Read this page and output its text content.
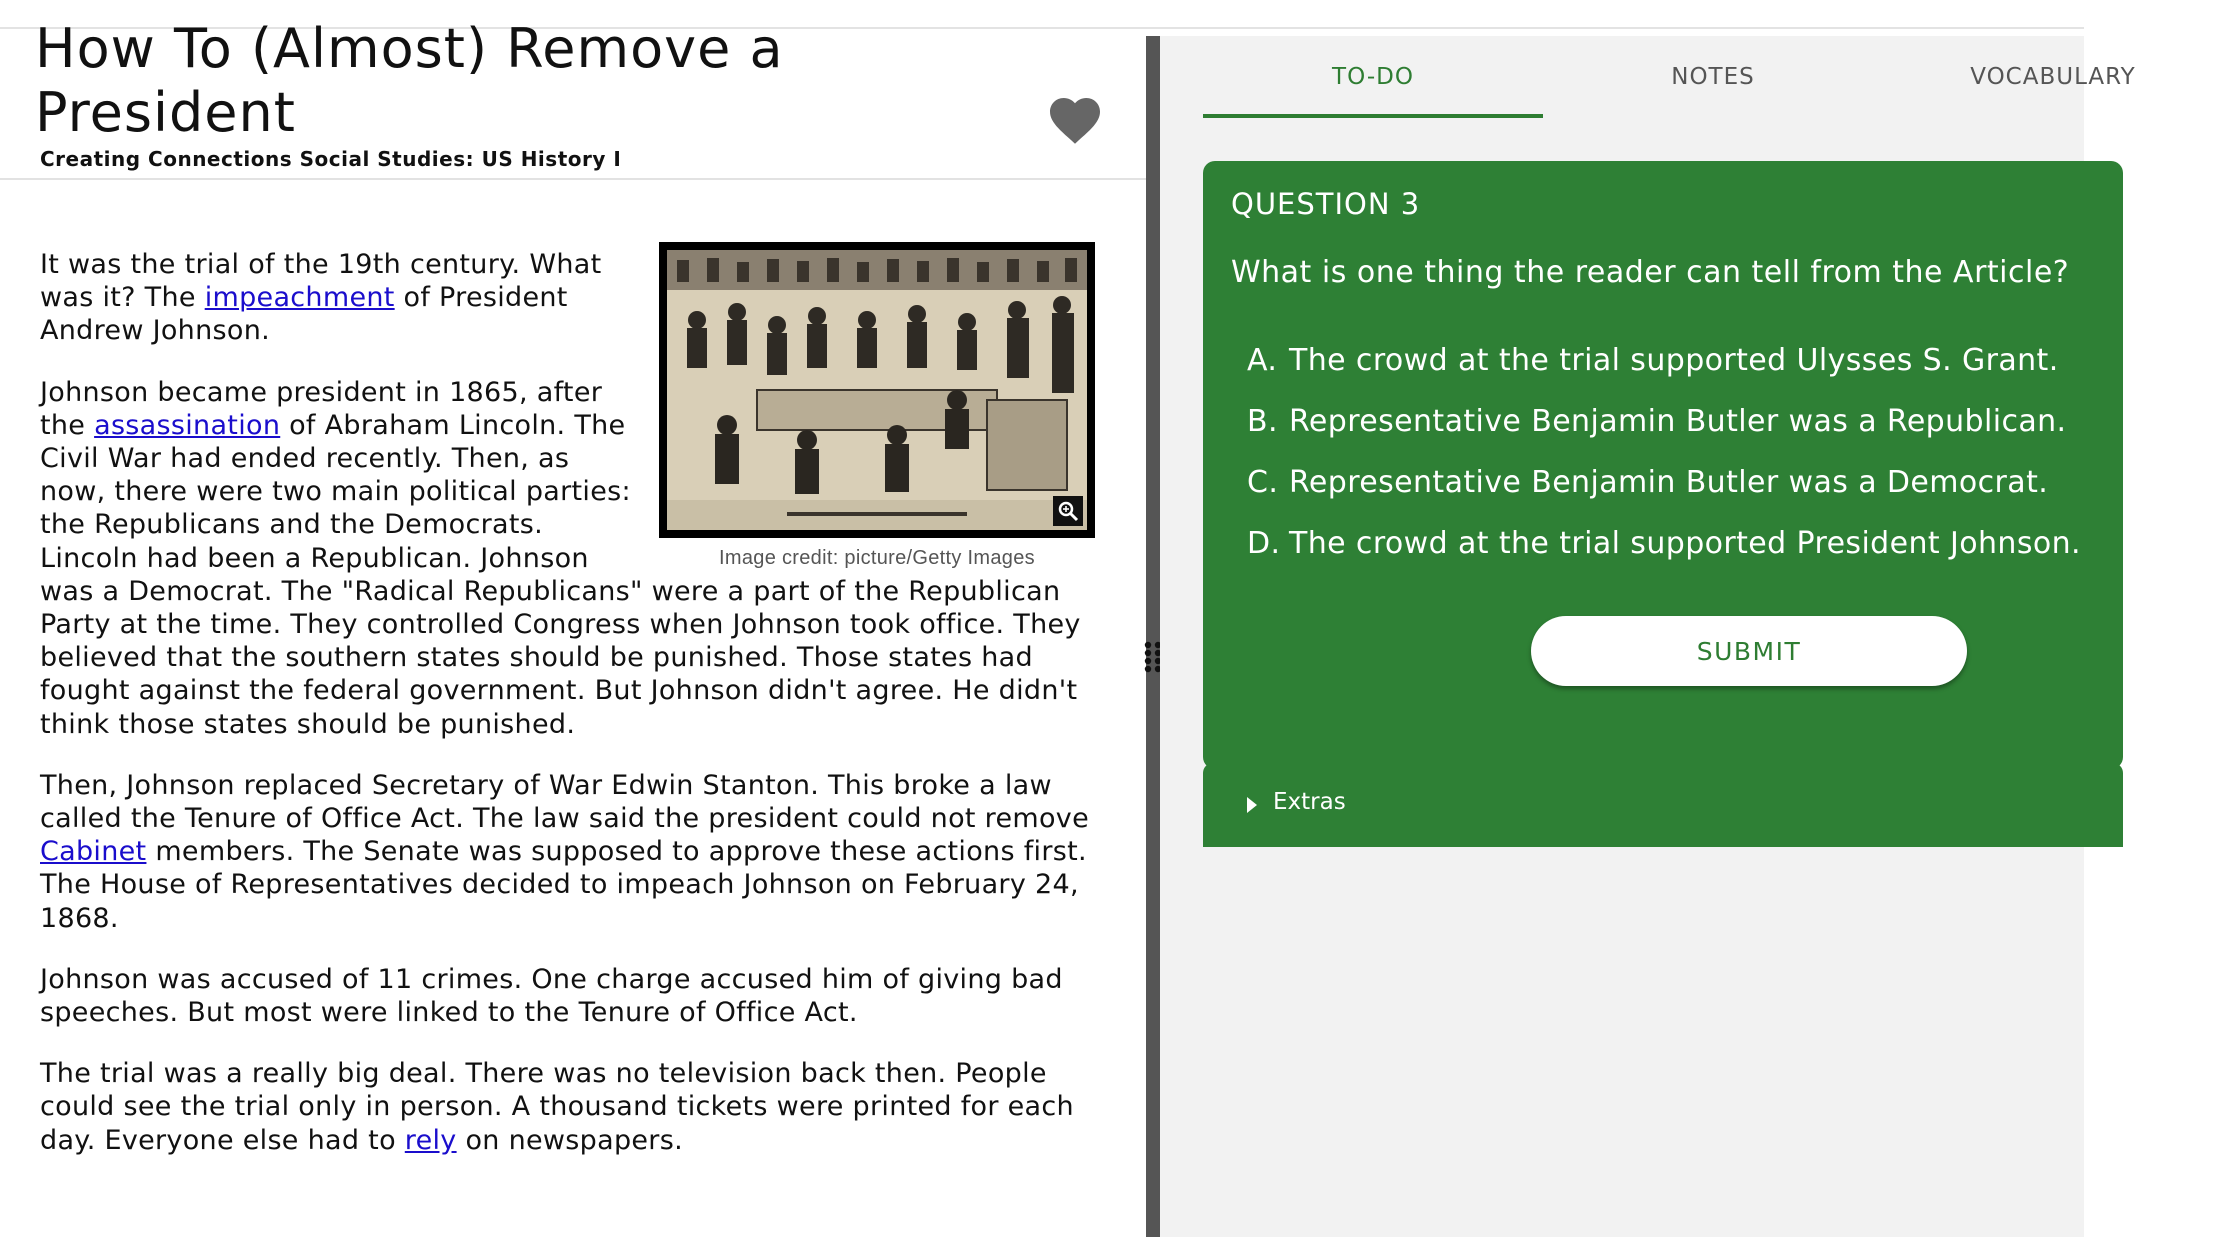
How To (Almost) Remove a President

Creating Connections Social Studies: US History I

Image credit: picture/Getty Images

It was the trial of the 19th century. What was it? The impeachment of President Andrew Johnson.

Johnson became president in 1865, after the assassination of Abraham Lincoln. The Civil War had ended recently. Then, as now, there were two main political parties: the Republicans and the Democrats. Lincoln had been a Republican. Johnson was a Democrat. The "Radical Republicans" were a part of the Republican Party at the time. They controlled Congress when Johnson took office. They believed that the southern states should be punished. Those states had fought against the federal government. But Johnson didn't agree. He didn't think those states should be punished.

Then, Johnson replaced Secretary of War Edwin Stanton. This broke a law called the Tenure of Office Act. The law said the president could not remove Cabinet members. The Senate was supposed to approve these actions first. The House of Representatives decided to impeach Johnson on February 24, 1868.

Johnson was accused of 11 crimes. One charge accused him of giving bad speeches. But most were linked to the Tenure of Office Act.

The trial was a really big deal. There was no television back then. People could see the trial only in person. A thousand tickets were printed for each day. Everyone else had to rely on newspapers.

TO-DO	NOTES	VOCABULARY
QUESTION 3

What is one thing the reader can tell from the Article?

A. The crowd at the trial supported Ulysses S. Grant.
B. Representative Benjamin Butler was a Republican.
C. Representative Benjamin Butler was a Democrat.
D. The crowd at the trial supported President Johnson.
SUBMIT
Extras
